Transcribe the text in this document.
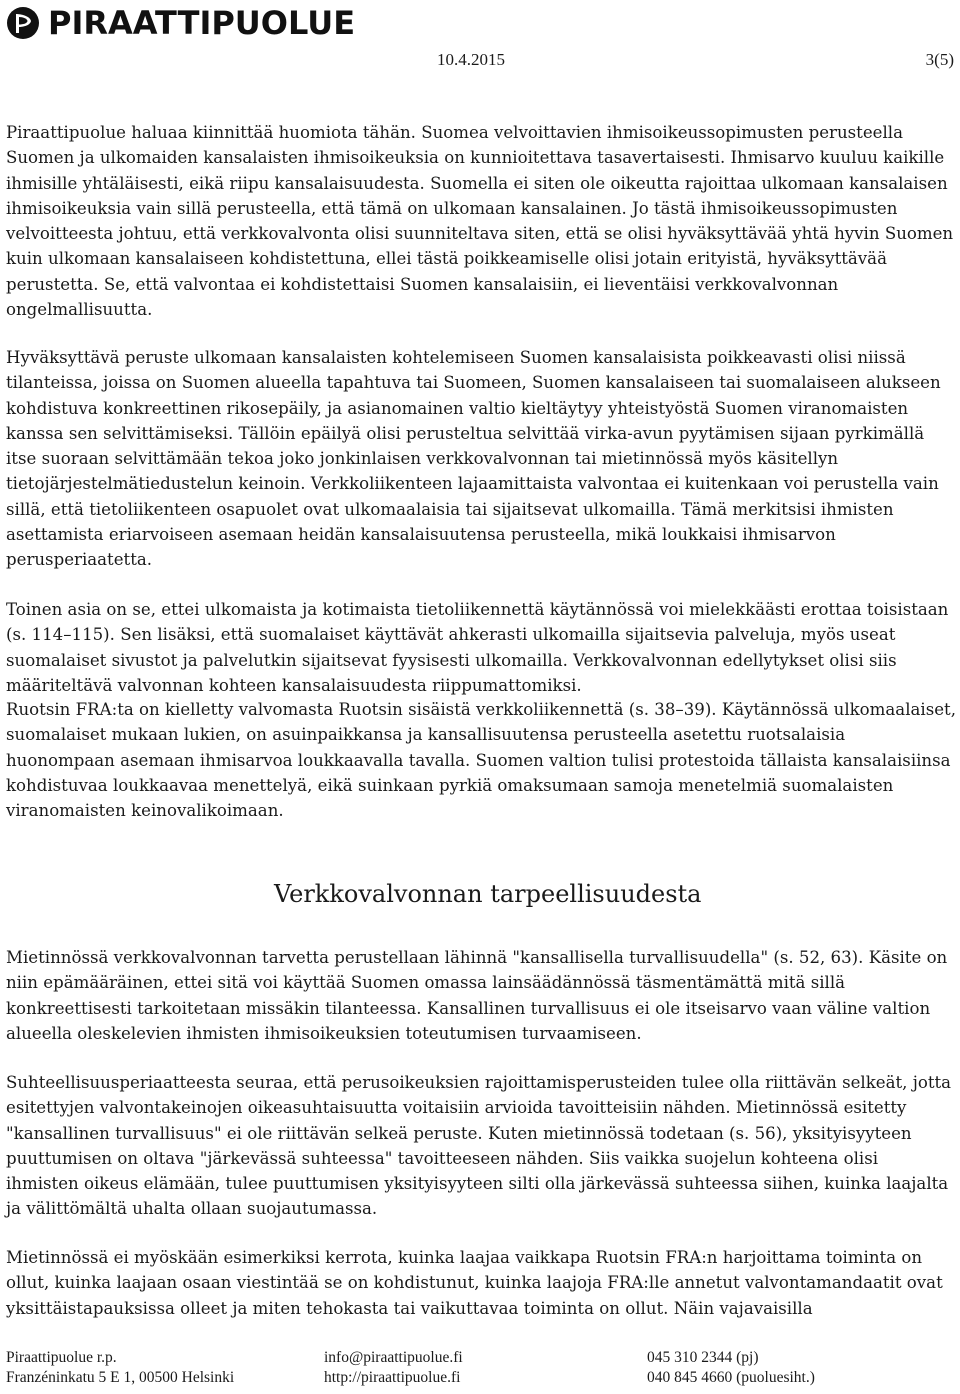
PIRAATTIPUOLUE
10.4.2015	3(5)

Piraattipuolue haluaa kiinnittää huomiota tähän. Suomea velvoittavien ihmisoikeussopimusten perusteella Suomen ja ulkomaiden kansalaisten ihmisoikeuksia on kunnioitettava tasavertaisesti. Ihmisarvo kuuluu kaikille ihmisille yhtäläisesti, eikä riipu kansalaisuudesta. Suomella ei siten ole oikeutta rajoittaa ulkomaan kansalaisen ihmisoikeuksia vain sillä perusteella, että tämä on ulkomaan kansalainen. Jo tästä ihmisoikeussopimusten velvoitteesta johtuu, että verkkovalvonta olisi suunniteltava siten, että se olisi hyväksyttävää yhtä hyvin Suomen kuin ulkomaan kansalaiseen kohdistettuna, ellei tästä poikkeamiselle olisi jotain erityistä, hyväksyttävää perustetta. Se, että valvontaa ei kohdistettaisi Suomen kansalaisiin, ei lieventäisi verkkovalvonnan ongelmallisuutta.

Hyväksyttävä peruste ulkomaan kansalaisten kohtelemiseen Suomen kansalaisista poikkeavasti olisi niissä tilanteissa, joissa on Suomen alueella tapahtuva tai Suomeen, Suomen kansalaiseen tai suomalaiseen alukseen kohdistuva konkreettinen rikosepäily, ja asianomainen valtio kieltäytyy yhteistyöstä Suomen viranomaisten kanssa sen selvittämiseksi. Tällöin epäilyä olisi perusteltua selvittää virka-avun pyytämisen sijaan pyrkimällä itse suoraan selvittämään tekoa joko jonkinlaisen verkkovalvonnan tai mietinnössä myös käsitellyn tietojärjestelmätiedustelun keinoin. Verkkoliikenteen lajaamittaista valvontaa ei kuitenkaan voi perustella vain sillä, että tietoliikenteen osapuolet ovat ulkomaalaisia tai sijaitsevat ulkomailla. Tämä merkitsisi ihmisten asettamista eriarvoiseen asemaan heidän kansalaisuutensa perusteella, mikä loukkaisi ihmisarvon perusperiaatetta.

Toinen asia on se, ettei ulkomaista ja kotimaista tietoliikennettä käytännössä voi mielekkäästi erottaa toisistaan (s. 114–115). Sen lisäksi, että suomalaiset käyttävät ahkerasti ulkomailla sijaitsevia palveluja, myös useat suomalaiset sivustot ja palvelutkin sijaitsevat fyysisesti ulkomailla. Verkkovalvonnan edellytykset olisi siis määriteltävä valvonnan kohteen kansalaisuudesta riippumattomiksi.

Ruotsin FRA:ta on kielletty valvomasta Ruotsin sisäistä verkkoliikennettä (s. 38–39). Käytännössä ulkomaalaiset, suomalaiset mukaan lukien, on asuinpaikkansa ja kansallisuutensa perusteella asetettu ruotsalaisia huonompaan asemaan ihmisarvoa loukkaavalla tavalla. Suomen valtion tulisi protestoida tällaista kansalaisiinsa kohdistuvaa loukkaavaa menettelyä, eikä suinkaan pyrkiä omaksumaan samoja menetelmiä suomalaisten viranomaisten keinovalikoimaan.

Verkkovalvonnan tarpeellisuudesta

Mietinnössä verkkovalvonnan tarvetta perustellaan lähinnä "kansallisella turvallisuudella" (s. 52, 63). Käsite on niin epämääräinen, ettei sitä voi käyttää Suomen omassa lainsäädännössä täsmentämättä mitä sillä konkreettisesti tarkoitetaan missäkin tilanteessa. Kansallinen turvallisuus ei ole itseisarvo vaan väline valtion alueella oleskelevien ihmisten ihmisoikeuksien toteutumisen turvaamiseen.

Suhteellisuusperiaatteesta seuraa, että perusoikeuksien rajoittamisperusteiden tulee olla riittävän selkeät, jotta esitettyjen valvontakeinojen oikeasuhtaisuutta voitaisiin arvioida tavoitteisiin nähden. Mietinnössä esitetty "kansallinen turvallisuus" ei ole riittävän selkeä peruste. Kuten mietinnössä todetaan (s. 56), yksityisyyteen puuttumisen on oltava "järkevässä suhteessa" tavoitteeseen nähden. Siis vaikka suojelun kohteena olisi ihmisten oikeus elämään, tulee puuttumisen yksityisyyteen silti olla järkevässä suhteessa siihen, kuinka laajalta ja välittömältä uhalta ollaan suojautumassa.

Mietinnössä ei myöskään esimerkiksi kerrota, kuinka laajaa vaikkapa Ruotsin FRA:n harjoittama toiminta on ollut, kuinka laajaan osaan viestintää se on kohdistunut, kuinka laajoja FRA:lle annetut valvontamandaatit ovat yksittäistapauksissa olleet ja miten tehokasta tai vaikuttavaa toiminta on ollut. Näin vajavaisilla

Piraattipuolue r.p.
Franzéninkatu 5 E 1, 00500 Helsinki
info@piraattipuolue.fi
http://piraattipuolue.fi
045 310 2344 (pj)
040 845 4660 (puoluesiht.)
